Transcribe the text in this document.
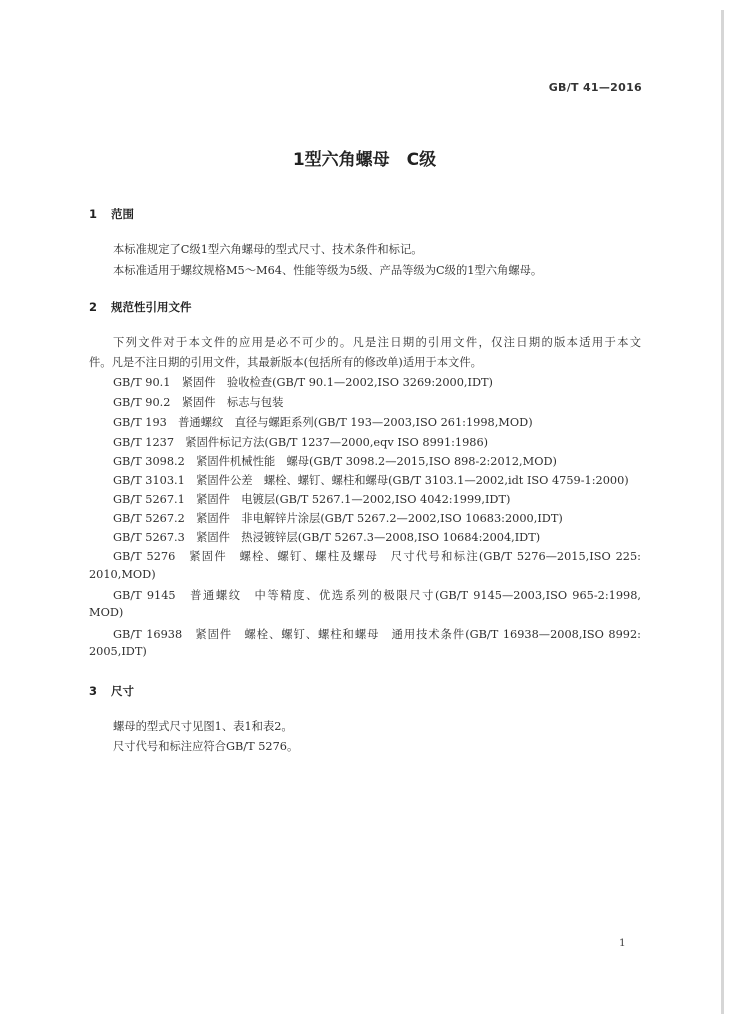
GB/T 41—2016
1型六角螺母　C级
1 范围
本标准规定了C级1型六角螺母的型式尺寸、技术条件和标记。
本标准适用于螺纹规格M5～M64、性能等级为5级、产品等级为C级的1型六角螺母。
2 规范性引用文件
下列文件对于本文件的应用是必不可少的。凡是注日期的引用文件，仅注日期的版本适用于本文
件。凡是不注日期的引用文件，其最新版本(包括所有的修改单)适用于本文件。
GB/T 90.1　紧固件　验收检查(GB/T 90.1—2002,ISO 3269:2000,IDT)
GB/T 90.2　紧固件　标志与包装
GB/T 193　普通螺纹　直径与螺距系列(GB/T 193—2003,ISO 261:1998,MOD)
GB/T 1237　紧固件标记方法(GB/T 1237—2000,eqv ISO 8991:1986)
GB/T 3098.2　紧固件机械性能　螺母(GB/T 3098.2—2015,ISO 898-2:2012,MOD)
GB/T 3103.1　紧固件公差　螺栓、螺钉、螺柱和螺母(GB/T 3103.1—2002,idt ISO 4759-1:2000)
GB/T 5267.1　紧固件　电镀层(GB/T 5267.1—2002,ISO 4042:1999,IDT)
GB/T 5267.2　紧固件　非电解锌片涂层(GB/T 5267.2—2002,ISO 10683:2000,IDT)
GB/T 5267.3　紧固件　热浸镀锌层(GB/T 5267.3—2008,ISO 10684:2004,IDT)
GB/T 5276　紧固件　螺栓、螺钉、螺柱及螺母　尺寸代号和标注(GB/T 5276—2015,ISO 225:
2010,MOD)
GB/T 9145　普通螺纹　中等精度、优选系列的极限尺寸(GB/T 9145—2003,ISO 965-2:1998,
MOD)
GB/T 16938　紧固件　螺栓、螺钉、螺柱和螺母　通用技术条件(GB/T 16938—2008,ISO 8992:
2005,IDT)
3 尺寸
螺母的型式尺寸见图1、表1和表2。
尺寸代号和标注应符合GB/T 5276。
1
